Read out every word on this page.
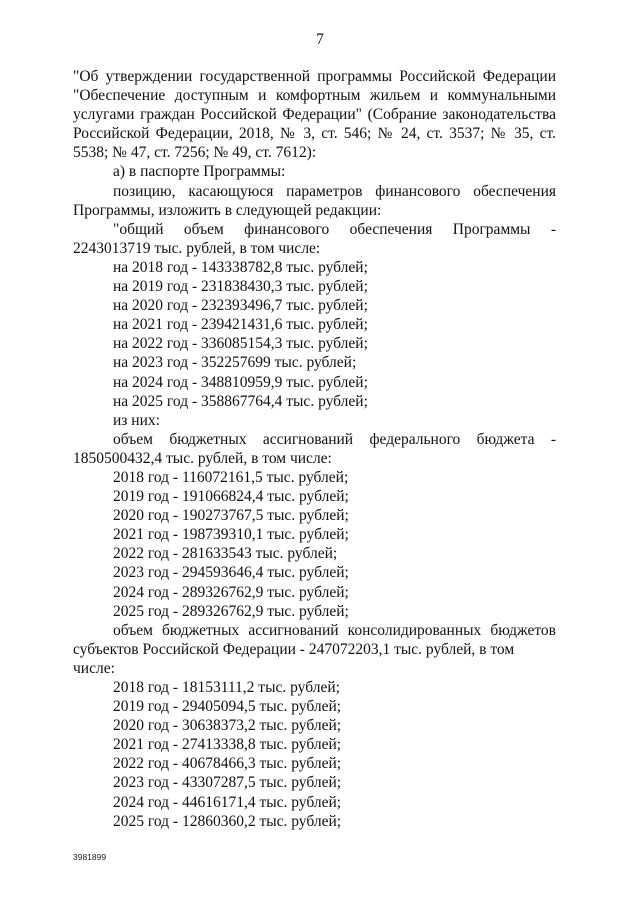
7

"Об утверждении государственной программы Российской Федерации "Обеспечение доступным и комфортным жильем и коммунальными услугами граждан Российской Федерации" (Собрание законодательства Российской Федерации, 2018, № 3, ст. 546; № 24, ст. 3537; № 35, ст. 5538; № 47, ст. 7256; № 49, ст. 7612):

а) в паспорте Программы:

позицию, касающуюся параметров финансового обеспечения Программы, изложить в следующей редакции:

"общий объем финансового обеспечения Программы -

2243013719 тыс. рублей, в том числе:

на 2018 год - 143338782,8 тыс. рублей;

на 2019 год - 231838430,3 тыс. рублей;

на 2020 год - 232393496,7 тыс. рублей;

на 2021 год - 239421431,6 тыс. рублей;

на 2022 год - 336085154,3 тыс. рублей;

на 2023 год - 352257699 тыс. рублей;

на 2024 год - 348810959,9 тыс. рублей;

на 2025 год - 358867764,4 тыс. рублей;

из них:

объем бюджетных ассигнований федерального бюджета -

1850500432,4 тыс. рублей, в том числе:

2018 год - 116072161,5 тыс. рублей;

2019 год - 191066824,4 тыс. рублей;

2020 год - 190273767,5 тыс. рублей;

2021 год - 198739310,1 тыс. рублей;

2022 год - 281633543 тыс. рублей;

2023 год - 294593646,4 тыс. рублей;

2024 год - 289326762,9 тыс. рублей;

2025 год - 289326762,9 тыс. рублей;

объем бюджетных ассигнований консолидированных бюджетов

субъектов Российской Федерации - 247072203,1 тыс. рублей, в том числе:

2018 год - 18153111,2 тыс. рублей;

2019 год - 29405094,5 тыс. рублей;

2020 год - 30638373,2 тыс. рублей;

2021 год - 27413338,8 тыс. рублей;

2022 год - 40678466,3 тыс. рублей;

2023 год - 43307287,5 тыс. рублей;

2024 год - 44616171,4 тыс. рублей;

2025 год - 12860360,2 тыс. рублей;

3981899
